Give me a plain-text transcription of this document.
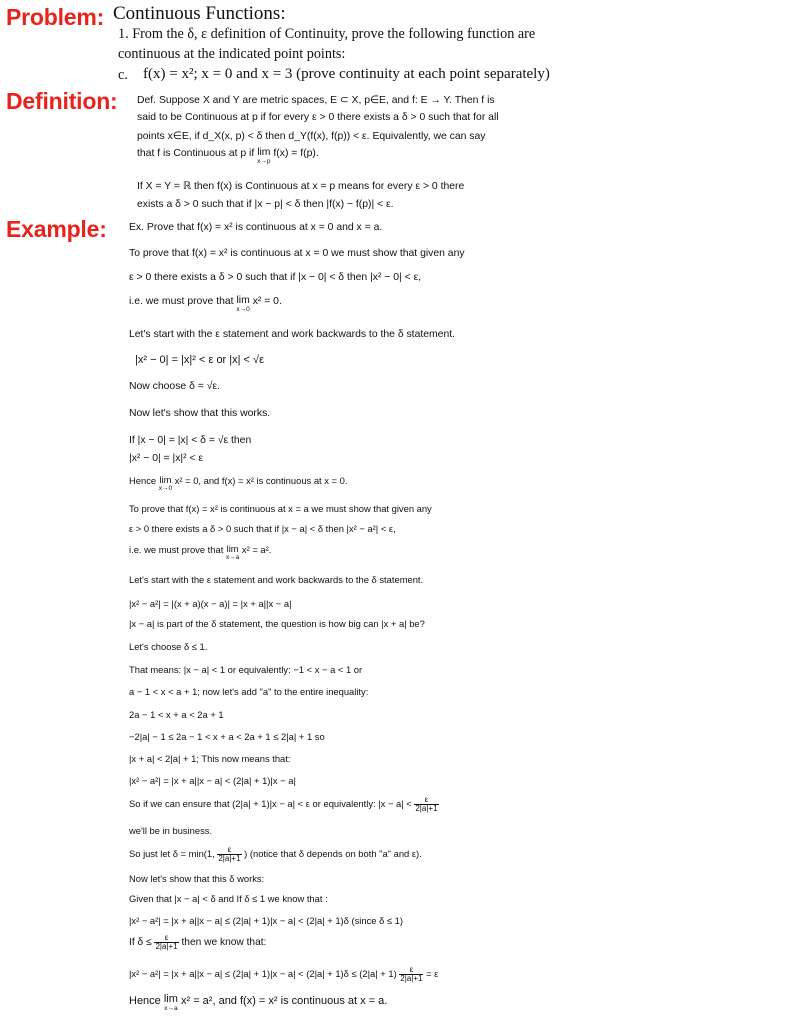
Problem:
Definition:
Example:
Continuous Functions:
1. From the δ, ε definition of Continuity, prove the following function are
continuous at the indicated point points:
c. f(x) = x²; x = 0 and x = 3 (prove continuity at each point separately)
Def. Suppose X and Y are metric spaces, E ⊂ X, p∈E, and f: E → Y. Then f is
said to be Continuous at p if for every ε > 0 there exists a δ > 0 such that for all
points x∈E, if d_X(x, p) < δ then d_Y(f(x), f(p)) < ε. Equivalently, we can say
that f is Continuous at p if lim
x→p
f(x) = f(p).
If X = Y = ℝ then f(x) is Continuous at x = p means for every ε > 0 there
exists a δ > 0 such that if |x − p| < δ then |f(x) − f(p)| < ε.
Ex. Prove that f(x) = x² is continuous at x = 0 and x = a.
To prove that f(x) = x² is continuous at x = 0 we must show that given any
ε > 0 there exists a δ > 0 such that if |x − 0| < δ then |x² − 0| < ε,
i.e. we must prove that lim
x→0
x² = 0.
Let's start with the ε statement and work backwards to the δ statement.
|x² − 0| = |x|² < ε or |x| < √ε
Now choose δ = √ε.
Now let's show that this works.
If |x − 0| = |x| < δ = √ε then
|x² − 0| = |x|² < ε
Hence lim
x→0
x² = 0, and f(x) = x² is continuous at x = 0.
To prove that f(x) = x² is continuous at x = a we must show that given any
ε > 0 there exists a δ > 0 such that if |x − a| < δ then |x² − a²| < ε,
i.e. we must prove that lim
x→a
x² = a².
Let's start with the ε statement and work backwards to the δ statement.
|x² − a²| = |(x + a)(x − a)| = |x + a||x − a|
|x − a| is part of the δ statement, the question is how big can |x + a| be?
Let's choose δ ≤ 1.
That means: |x − a| < 1 or equivalently: −1 < x − a < 1 or
a − 1 < x < a + 1; now let's add "a" to the entire inequality:
2a − 1 < x + a < 2a + 1
−2|a| − 1 ≤ 2a − 1 < x + a < 2a + 1 ≤ 2|a| + 1 so
|x + a| < 2|a| + 1; This now means that:
|x² − a²| = |x + a||x − a| < (2|a| + 1)|x − a|
So if we can ensure that (2|a| + 1)|x − a| < ε or equivalently: $|x - a| < \frac{\varepsilon}{2|a|+1}$
we'll be in business.
So just let δ = min(1, $\frac{\varepsilon}{2|a|+1}$ ) (notice that δ depends on both "a" and ε).
Now let's show that this δ works:
Given that |x − a| < δ and If δ ≤ 1 we know that :
|x² − a²| = |x + a||x − a| ≤ (2|a| + 1)|x − a| < (2|a| + 1)δ (since δ ≤ 1)
If $\delta \le \frac{\varepsilon}{2|a|+1}$ then we know that:
$|x^2 - a^2| = |x + a||x - a| \le (2|a| + 1)|x - a| < (2|a| + 1)\delta \le (2|a| + 1) \frac{\varepsilon}{2|a|+1} = \varepsilon$
Hence lim
x→a
x² = a², and f(x) = x² is continuous at x = a.
